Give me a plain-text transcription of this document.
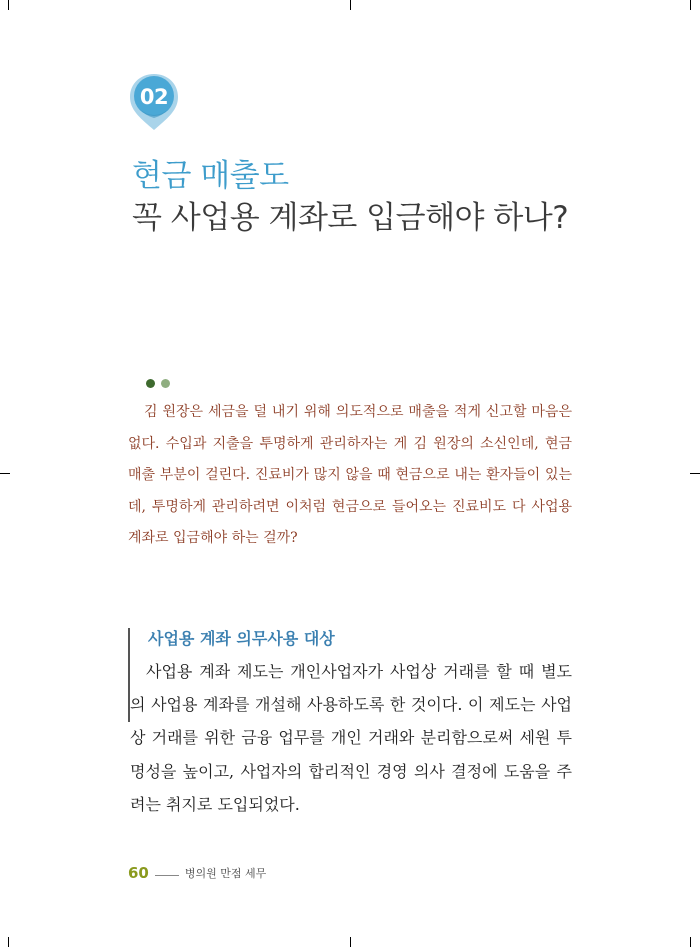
02
현금 매출도
꼭 사업용 계좌로 입금해야 하나?

김 원장은 세금을 덜 내기 위해 의도적으로 매출을 적게 신고할 마음은 없다. 수입과 지출을 투명하게 관리하자는 게 김 원장의 소신인데, 현금 매출 부분이 걸린다. 진료비가 많지 않을 때 현금으로 내는 환자들이 있는데, 투명하게 관리하려면 이처럼 현금으로 들어오는 진료비도 다 사업용 계좌로 입금해야 하는 걸까?

사업용 계좌 의무사용 대상

사업용 계좌 제도는 개인사업자가 사업상 거래를 할 때 별도의 사업용 계좌를 개설해 사용하도록 한 것이다. 이 제도는 사업상 거래를 위한 금융 업무를 개인 거래와 분리함으로써 세원 투명성을 높이고, 사업자의 합리적인 경영 의사 결정에 도움을 주려는 취지로 도입되었다.

60	병의원 만점 세무
